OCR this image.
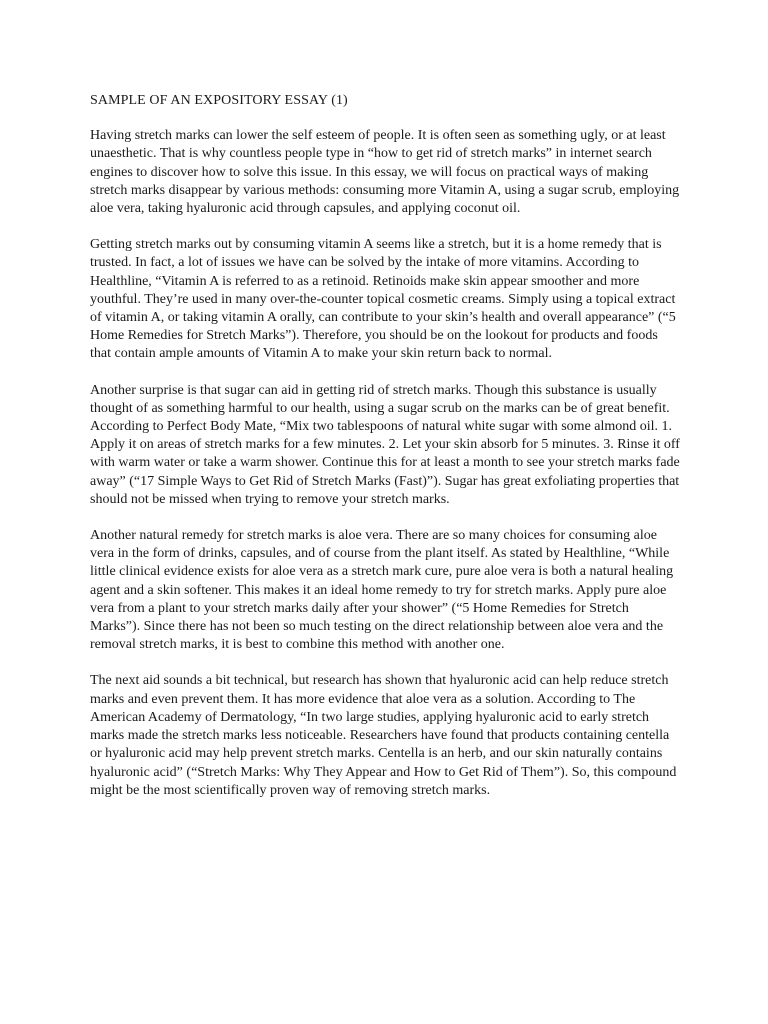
SAMPLE OF AN EXPOSITORY ESSAY (1)

Having stretch marks can lower the self esteem of people. It is often seen as something ugly, or at least unaesthetic. That is why countless people type in “how to get rid of stretch marks” in internet search engines to discover how to solve this issue. In this essay, we will focus on practical ways of making stretch marks disappear by various methods: consuming more Vitamin A, using a sugar scrub, employing aloe vera, taking hyaluronic acid through capsules, and applying coconut oil.

Getting stretch marks out by consuming vitamin A seems like a stretch, but it is a home remedy that is trusted. In fact, a lot of issues we have can be solved by the intake of more vitamins. According to Healthline, “Vitamin A is referred to as a retinoid. Retinoids make skin appear smoother and more youthful. They’re used in many over-the-counter topical cosmetic creams. Simply using a topical extract of vitamin A, or taking vitamin A orally, can contribute to your skin’s health and overall appearance” (“5 Home Remedies for Stretch Marks”). Therefore, you should be on the lookout for products and foods that contain ample amounts of Vitamin A to make your skin return back to normal.

Another surprise is that sugar can aid in getting rid of stretch marks. Though this substance is usually thought of as something harmful to our health, using a sugar scrub on the marks can be of great benefit. According to Perfect Body Mate, “Mix two tablespoons of natural white sugar with some almond oil. 1. Apply it on areas of stretch marks for a few minutes. 2. Let your skin absorb for 5 minutes. 3. Rinse it off with warm water or take a warm shower. Continue this for at least a month to see your stretch marks fade away” (“17 Simple Ways to Get Rid of Stretch Marks (Fast)”). Sugar has great exfoliating properties that should not be missed when trying to remove your stretch marks.

Another natural remedy for stretch marks is aloe vera. There are so many choices for consuming aloe vera in the form of drinks, capsules, and of course from the plant itself. As stated by Healthline, “While little clinical evidence exists for aloe vera as a stretch mark cure, pure aloe vera is both a natural healing agent and a skin softener. This makes it an ideal home remedy to try for stretch marks. Apply pure aloe vera from a plant to your stretch marks daily after your shower” (“5 Home Remedies for Stretch Marks”). Since there has not been so much testing on the direct relationship between aloe vera and the removal stretch marks, it is best to combine this method with another one.

The next aid sounds a bit technical, but research has shown that hyaluronic acid can help reduce stretch marks and even prevent them. It has more evidence that aloe vera as a solution. According to The American Academy of Dermatology, “In two large studies, applying hyaluronic acid to early stretch marks made the stretch marks less noticeable. Researchers have found that products containing centella or hyaluronic acid may help prevent stretch marks. Centella is an herb, and our skin naturally contains hyaluronic acid” (“Stretch Marks: Why They Appear and How to Get Rid of Them”). So, this compound might be the most scientifically proven way of removing stretch marks.
